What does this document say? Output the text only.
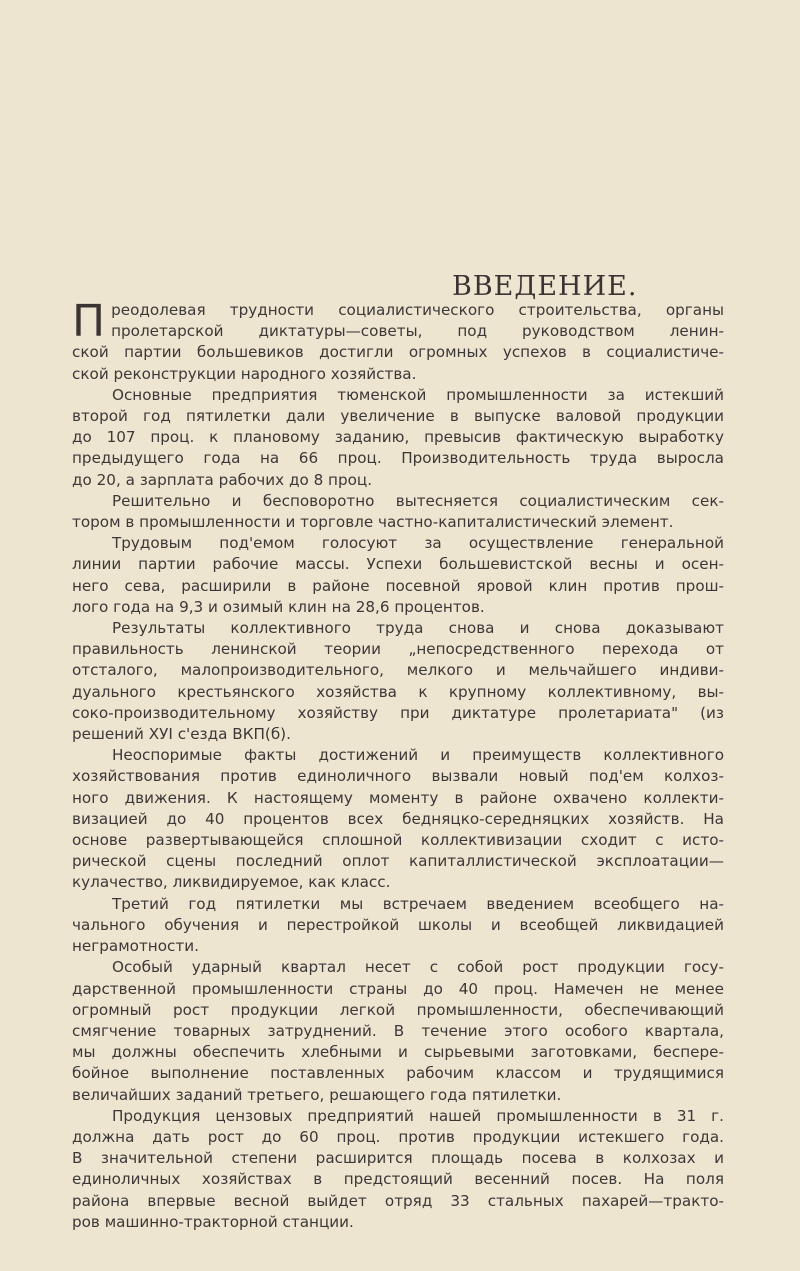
ВВЕДЕНИЕ.

П реодолевая трудности социалистического строительства, органы
пролетарской диктатуры—советы, под руководством ленин-
ской партии большевиков достигли огромных успехов в социалистиче-
ской реконструкции народного хозяйства.

Основные предприятия тюменской промышленности за истекший
второй год пятилетки дали увеличение в выпуске валовой продукции
до 107 проц. к плановому заданию, превысив фактическую выработку
предыдущего года на 66 проц. Производительность труда выросла
до 20, а зарплата рабочих до 8 проц.

Решительно и бесповоротно вытесняется социалистическим сек-
тором в промышленности и торговле частно-капиталистический элемент.

Трудовым под'емом голосуют за осуществление генеральной
линии партии рабочие массы. Успехи большевистской весны и осен-
него сева, расширили в районе посевной яровой клин против прош-
лого года на 9,3 и озимый клин на 28,6 процентов.

Результаты коллективного труда снова и снова доказывают
правильность ленинской теории „непосредственного перехода от
отсталого, малопроизводительного, мелкого и мельчайшего индиви-
дуального крестьянского хозяйства к крупному коллективному, вы-
соко-производительному хозяйству при диктатуре пролетариата" (из
решений ХУI с'езда ВКП(б).

Неоспоримые факты достижений и преимуществ коллективного
хозяйствования против единоличного вызвали новый под'ем колхоз-
ного движения. К настоящему моменту в районе охвачено коллекти-
визацией до 40 процентов всех бедняцко-середняцких хозяйств. На
основе развертывающейся сплошной коллективизации сходит с исто-
рической сцены последний оплот капиталлистической эксплоатации—
кулачество, ликвидируемое, как класс.

Третий год пятилетки мы встречаем введением всеобщего на-
чального обучения и перестройкой школы и всеобщей ликвидацией
неграмотности.

Особый ударный квартал несет с собой рост продукции госу-
дарственной промышленности страны до 40 проц. Намечен не менее
огромный рост продукции легкой промышленности, обеспечивающий
смягчение товарных затруднений. В течение этого особого квартала,
мы должны обеспечить хлебными и сырьевыми заготовками, беспере-
бойное выполнение поставленных рабочим классом и трудящимися
величайших заданий третьего, решающего года пятилетки.

Продукция цензовых предприятий нашей промышленности в 31 г.
должна дать рост до 60 проц. против продукции истекшего года.
В значительной степени расширится площадь посева в колхозах и
единоличных хозяйствах в предстоящий весенний посев. На поля
района впервые весной выйдет отряд 33 стальных пахарей—тракто-
ров машинно-тракторной станции.
